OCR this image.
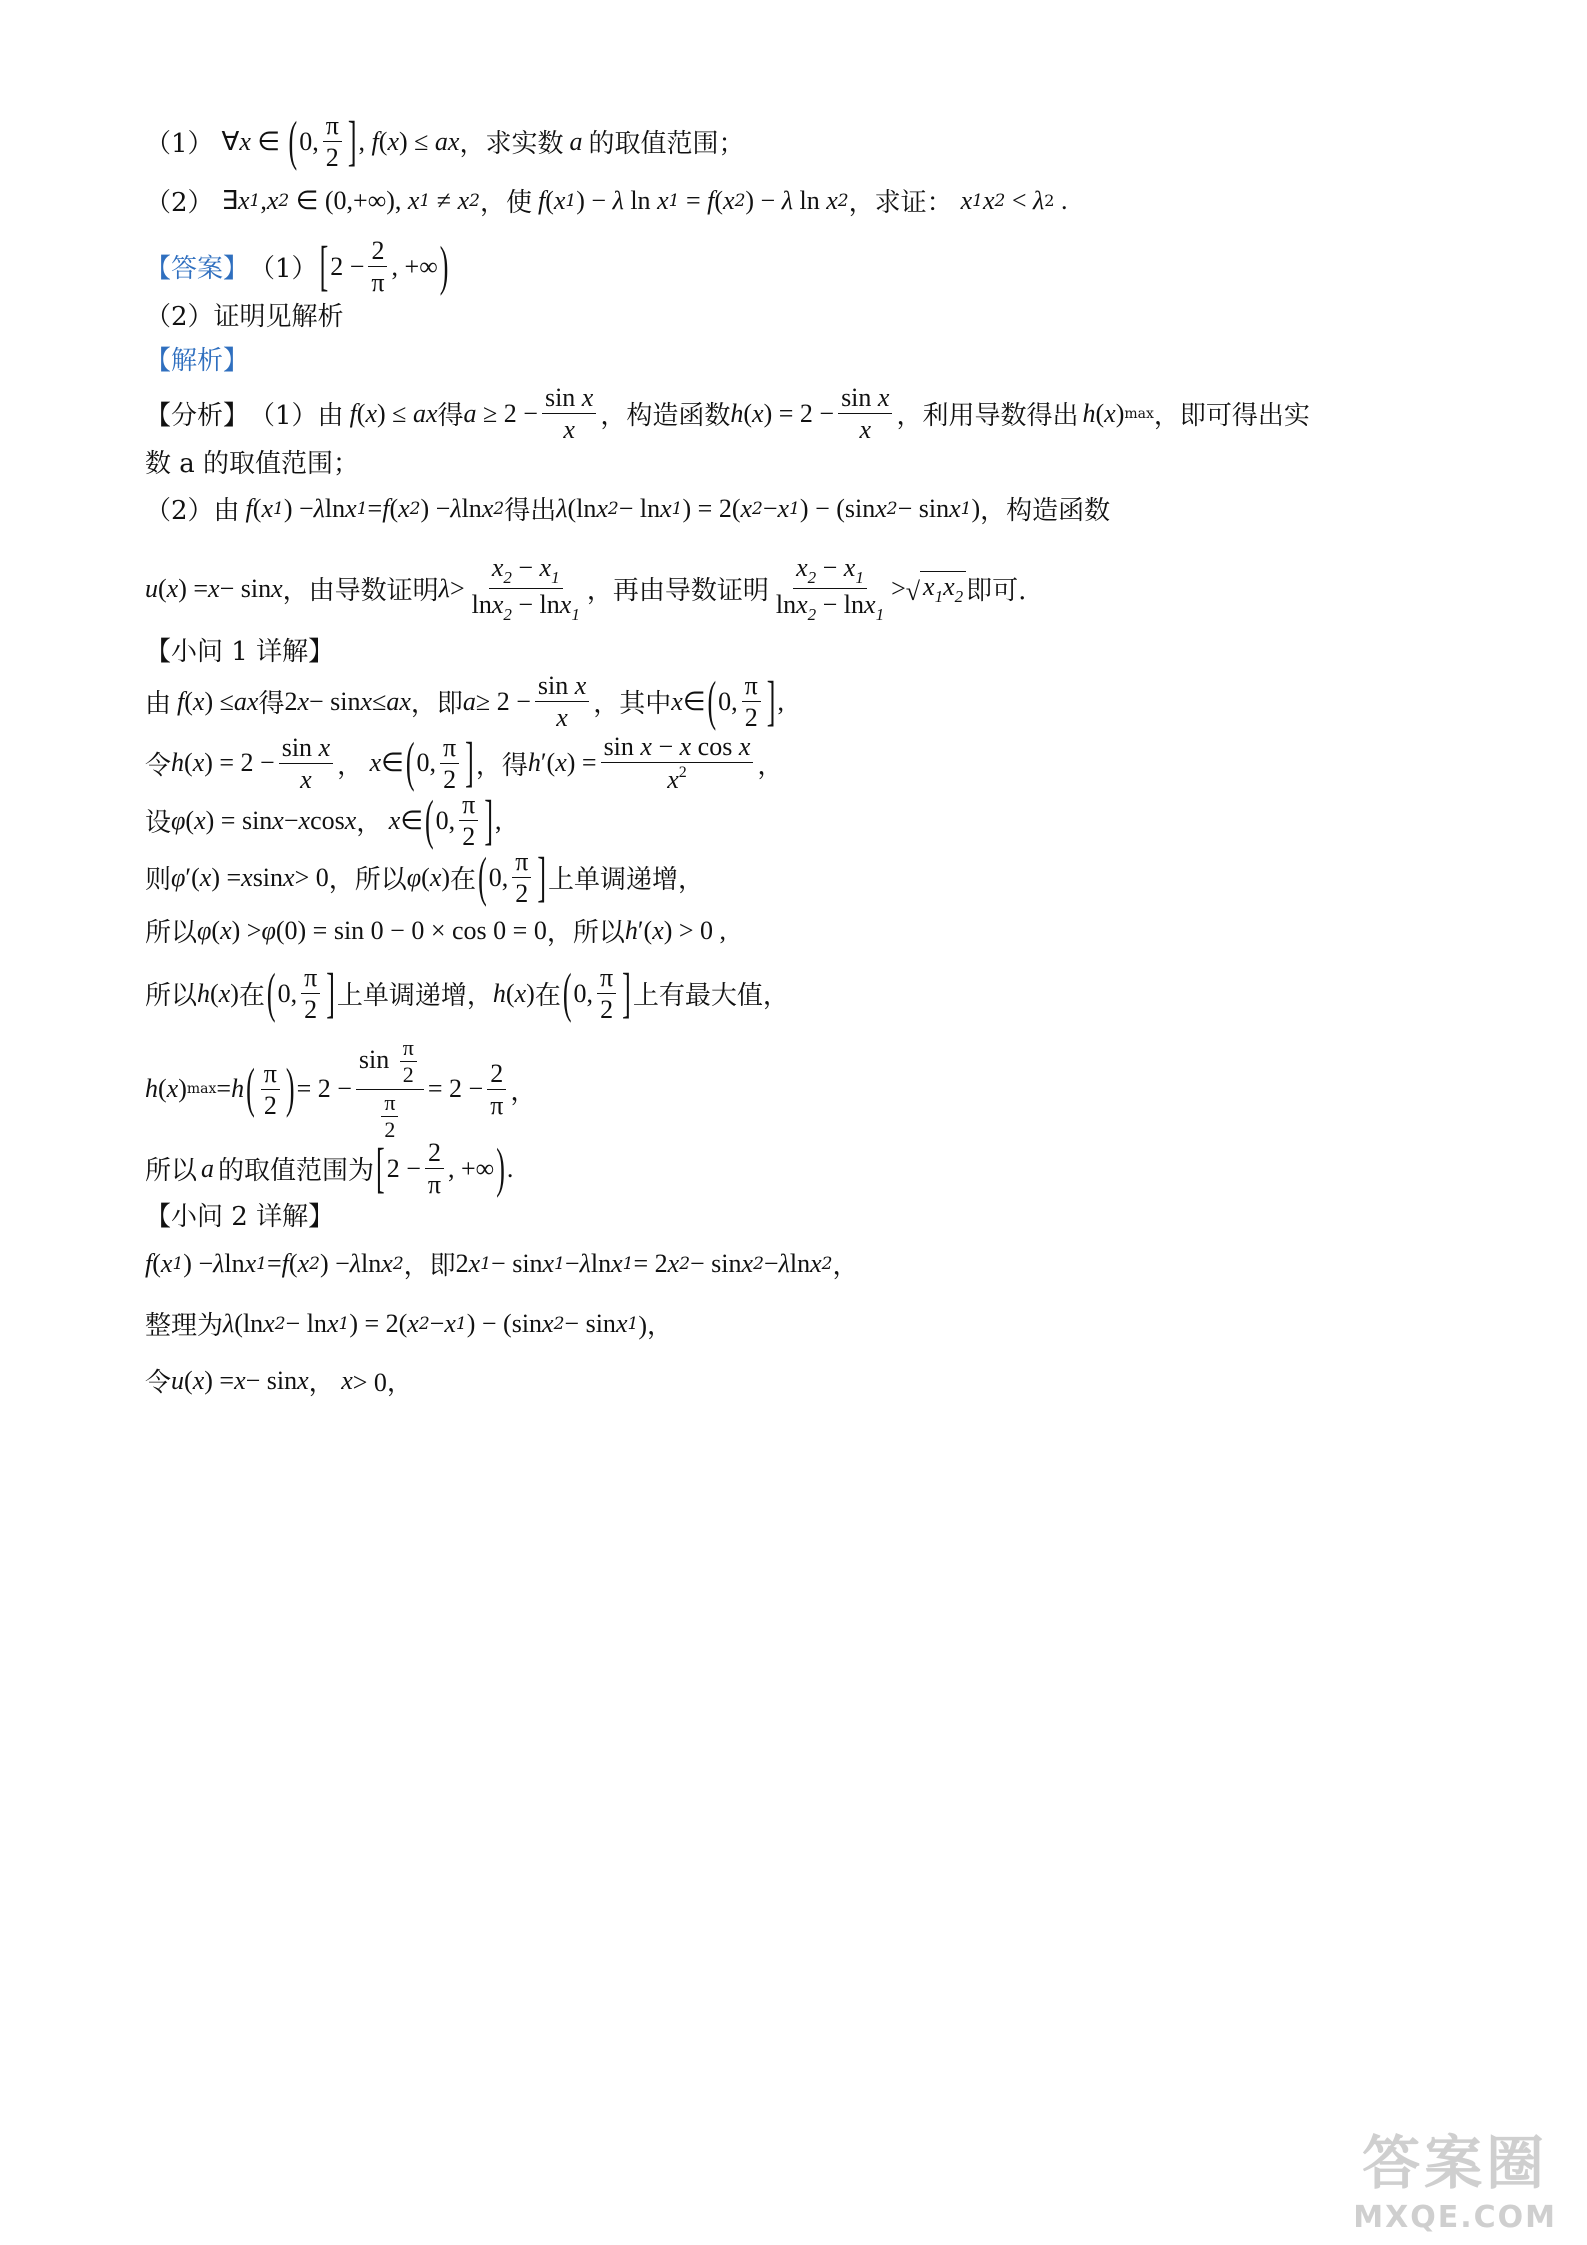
（1） ∀ x ∈ ( 0, $\frac{\pi}{2}$ ] , f ( x ) ≤ ax ，求实数 a 的取值范围；
（2） ∃ x 1 , x 2 ∈ (0,+∞), x 1 ≠ x 2 ，使 f ( x 1 ) − λ ln x 1 = f ( x 2 ) − λ ln x 2 ，求证： x 1 x 2 < λ 2 .
【答案】 （1） [ $2 - \frac{2}{\pi}$ , +∞ )
（2）证明见解析
【解析】
【分析】 （1）由 f ( x ) ≤ ax 得 $a \ge 2 - \frac{\text{sin x}}{x}$ ，构造函数 h ( x ) = $2 - \frac{\text{sin x}}{x}$ ，利用导数得出 h ( x ) max ，即可得出实
数 a 的取值范围；
（2）由 f ( x 1 ) − λ ln x 1 = f ( x 2 ) − λ ln x 2 得出 λ (ln x 2 − ln x 1 ) = 2( x 2 − x 1 ) − (sin x 2 − sin x 1 ) ，构造函数
u ( x ) = x − sin x ，由导数证明 $\lambda > \frac{x_2 - x_1}{\ln x_2 - \ln x_1}$ ，再由导数证明 $\frac{x_2 - x_1}{\ln x_2 - \ln x_1}$ > √ $x_1x_2$ 即可.
【小问 1 详解】
由 f ( x ) ≤ ax 得 2 x − sin x ≤ ax ，即 $a \ge 2 - \frac{\text{sin x}}{x}$ ，其中 x ∈ ( 0, $\frac{\pi}{2}$ ] ,
令 h ( x ) = $2 - \frac{\text{sin x}}{x}$ ， x ∈ ( 0, $\frac{\pi}{2}$ ] ，得 h ′( x ) = $\frac{\text{sin x − x cos x}}{x^2}$ ，
设 φ ( x ) = sin x − x cos x ， x ∈ ( 0, $\frac{\pi}{2}$ ] ,
则 φ ′( x ) = x sin x > 0 ，所以 φ ( x ) 在 ( 0, $\frac{\pi}{2}$ ] 上单调递增，
所以 φ ( x ) > φ (0) = sin 0 − 0 × cos 0 = 0 ，所以 h ′( x ) > 0 ,
所以 h ( x ) 在 ( 0, $\frac{\pi}{2}$ ] 上单调递增， h ( x ) 在 ( 0, $\frac{\pi}{2}$ ] 上有最大值，
h ( x ) max = h ( $\frac{\pi}{2}$ ) = $2 - \frac{\sin \frac{\pi}{2}}{\frac{\pi}{2}} = 2 - \frac{2}{\pi}$ ，
所以 a 的取值范围为 [ $2 - \frac{2}{\pi}$ , +∞ ) .
【小问 2 详解】
f ( x 1 ) − λ ln x 1 = f ( x 2 ) − λ ln x 2 ，即 2 x 1 − sin x 1 − λ ln x 1 = 2 x 2 − sin x 2 − λ ln x 2 ，
整理为 λ (ln x 2 − ln x 1 ) = 2( x 2 − x 1 ) − (sin x 2 − sin x 1 )，
令 u ( x ) = x − sin x ， x > 0，
答案圈
MXQE.COM
